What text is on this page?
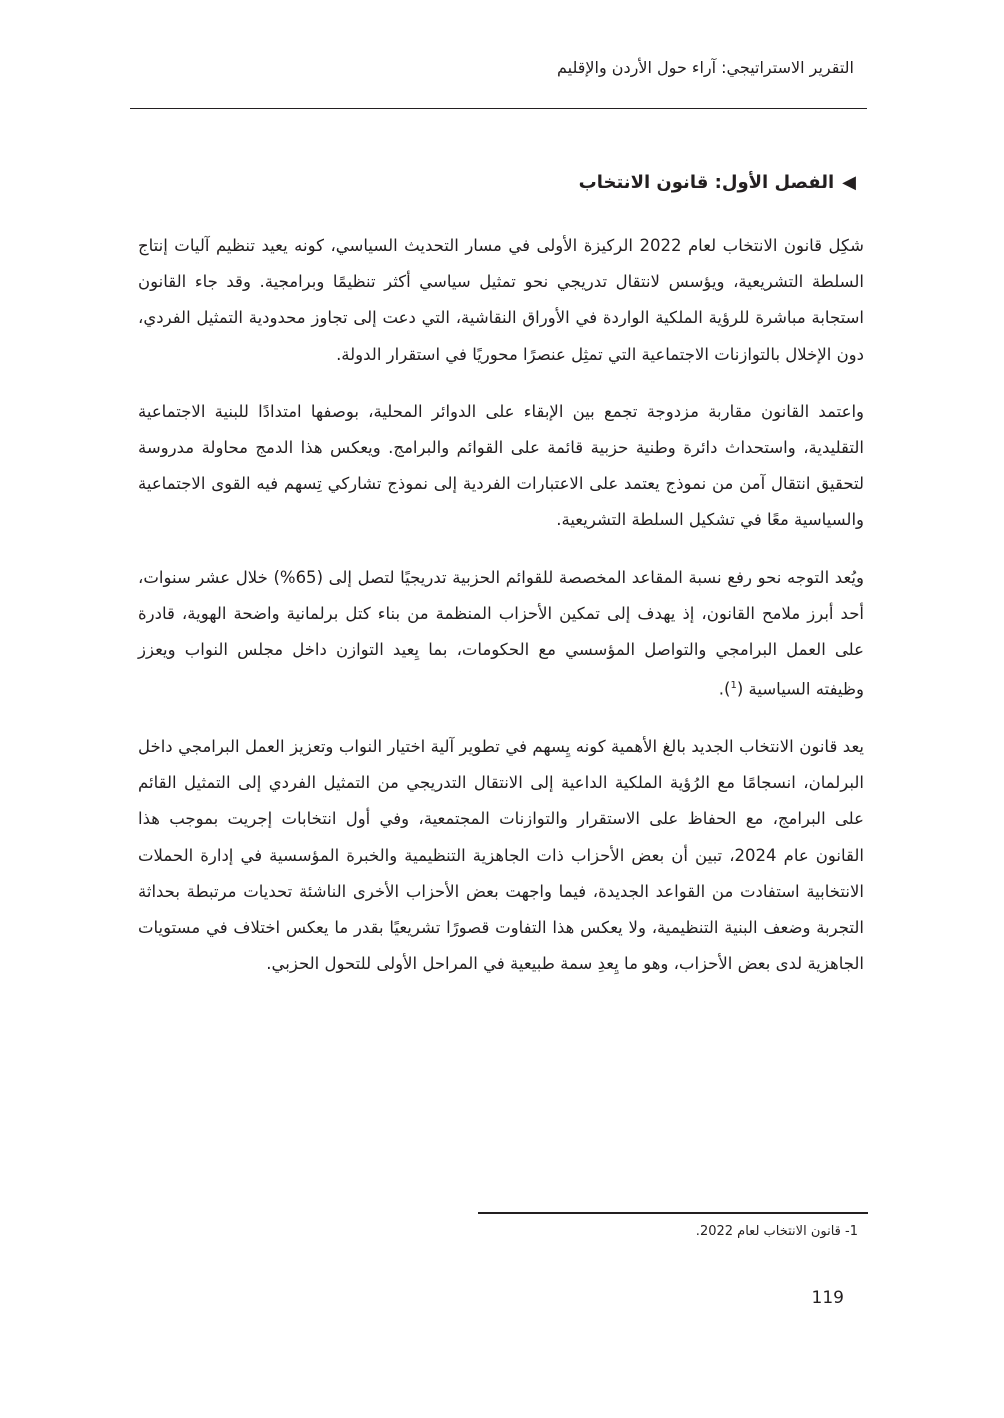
التقرير الاستراتيجي: آراء حول الأردن والإقليم
◀
الفصل الأول: قانون الانتخاب

شكِل قانون الانتخاب لعام 2022 الركيزة الأولى في مسار التحديث السياسي، كونه يعيد تنظيم آليات إنتاج السلطة التشريعية، ويؤسس لانتقال تدريجي نحو تمثيل سياسي أكثر تنظيمًا وبرامجية. وقد جاء القانون استجابة مباشرة للرؤية الملكية الواردة في الأوراق النقاشية، التي دعت إلى تجاوز محدودية التمثيل الفردي، دون الإخلال بالتوازنات الاجتماعية التي تمثِل عنصرًا محوريًا في استقرار الدولة.

واعتمد القانون مقاربة مزدوجة تجمع بين الإبقاء على الدوائر المحلية، بوصفها امتدادًا للبنية الاجتماعية التقليدية، واستحداث دائرة وطنية حزبية قائمة على القوائم والبرامج. ويعكس هذا الدمج محاولة مدروسة لتحقيق انتقال آمن من نموذج يعتمد على الاعتبارات الفردية إلى نموذج تشاركي تِسهم فيه القوى الاجتماعية والسياسية معًا في تشكيل السلطة التشريعية.

ويُعد التوجه نحو رفع نسبة المقاعد المخصصة للقوائم الحزبية تدريجيًا لتصل إلى (65%) خلال عشر سنوات، أحد أبرز ملامح القانون، إذ يهدف إلى تمكين الأحزاب المنظمة من بناء كتل برلمانية واضحة الهوية، قادرة على العمل البرامجي والتواصل المؤسسي مع الحكومات، بما يِعيد التوازن داخل مجلس النواب ويعزز وظيفته السياسية ($^1$).

يعد قانون الانتخاب الجديد بالغ الأهمية كونه يِسهم في تطوير آلية اختيار النواب وتعزيز العمل البرامجي داخل البرلمان، انسجامًا مع الرُؤية الملكية الداعية إلى الانتقال التدريجي من التمثيل الفردي إلى التمثيل القائم على البرامج، مع الحفاظ على الاستقرار والتوازنات المجتمعية، وفي أول انتخابات إجريت بموجب هذا القانون عام 2024، تبين أن بعض الأحزاب ذات الجاهزية التنظيمية والخبرة المؤسسية في إدارة الحملات الانتخابية استفادت من القواعد الجديدة، فيما واجهت بعض الأحزاب الأخرى الناشئة تحديات مرتبطة بحداثة التجربة وضعف البنية التنظيمية، ولا يعكس هذا التفاوت قصورًا تشريعيًا بقدر ما يعكس اختلاف في مستويات الجاهزية لدى بعض الأحزاب، وهو ما يِعدِ سمة طبيعية في المراحل الأولى للتحول الحزبي.

1- قانون الانتخاب لعام 2022.
119
